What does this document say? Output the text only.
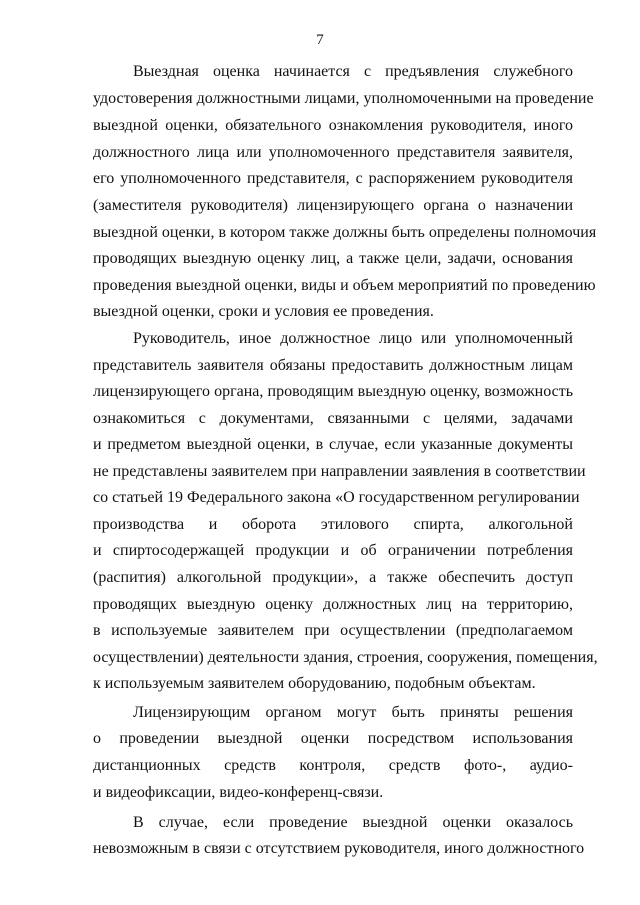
7
Выездная оценка начинается с предъявления служебного
удостоверения должностными лицами, уполномоченными на проведение
выездной оценки, обязательного ознакомления руководителя, иного
должностного лица или уполномоченного представителя заявителя,
его уполномоченного представителя, с распоряжением руководителя
(заместителя руководителя) лицензирующего органа о назначении
выездной оценки, в котором также должны быть определены полномочия
проводящих выездную оценку лиц, а также цели, задачи, основания
проведения выездной оценки, виды и объем мероприятий по проведению
выездной оценки, сроки и условия ее проведения.
Руководитель, иное должностное лицо или уполномоченный
представитель заявителя обязаны предоставить должностным лицам
лицензирующего органа, проводящим выездную оценку, возможность
ознакомиться с документами, связанными с целями, задачами
и предметом выездной оценки, в случае, если указанные документы
не представлены заявителем при направлении заявления в соответствии
со статьей 19 Федерального закона «О государственном регулировании
производства и оборота этилового спирта, алкогольной
и спиртосодержащей продукции и об ограничении потребления
(распития) алкогольной продукции», а также обеспечить доступ
проводящих выездную оценку должностных лиц на территорию,
в используемые заявителем при осуществлении (предполагаемом
осуществлении) деятельности здания, строения, сооружения, помещения,
к используемым заявителем оборудованию, подобным объектам.
Лицензирующим органом могут быть приняты решения
о проведении выездной оценки посредством использования
дистанционных средств контроля, средств фото-, аудио-
и видеофиксации, видео-конференц-связи.
В случае, если проведение выездной оценки оказалось
невозможным в связи с отсутствием руководителя, иного должностного
